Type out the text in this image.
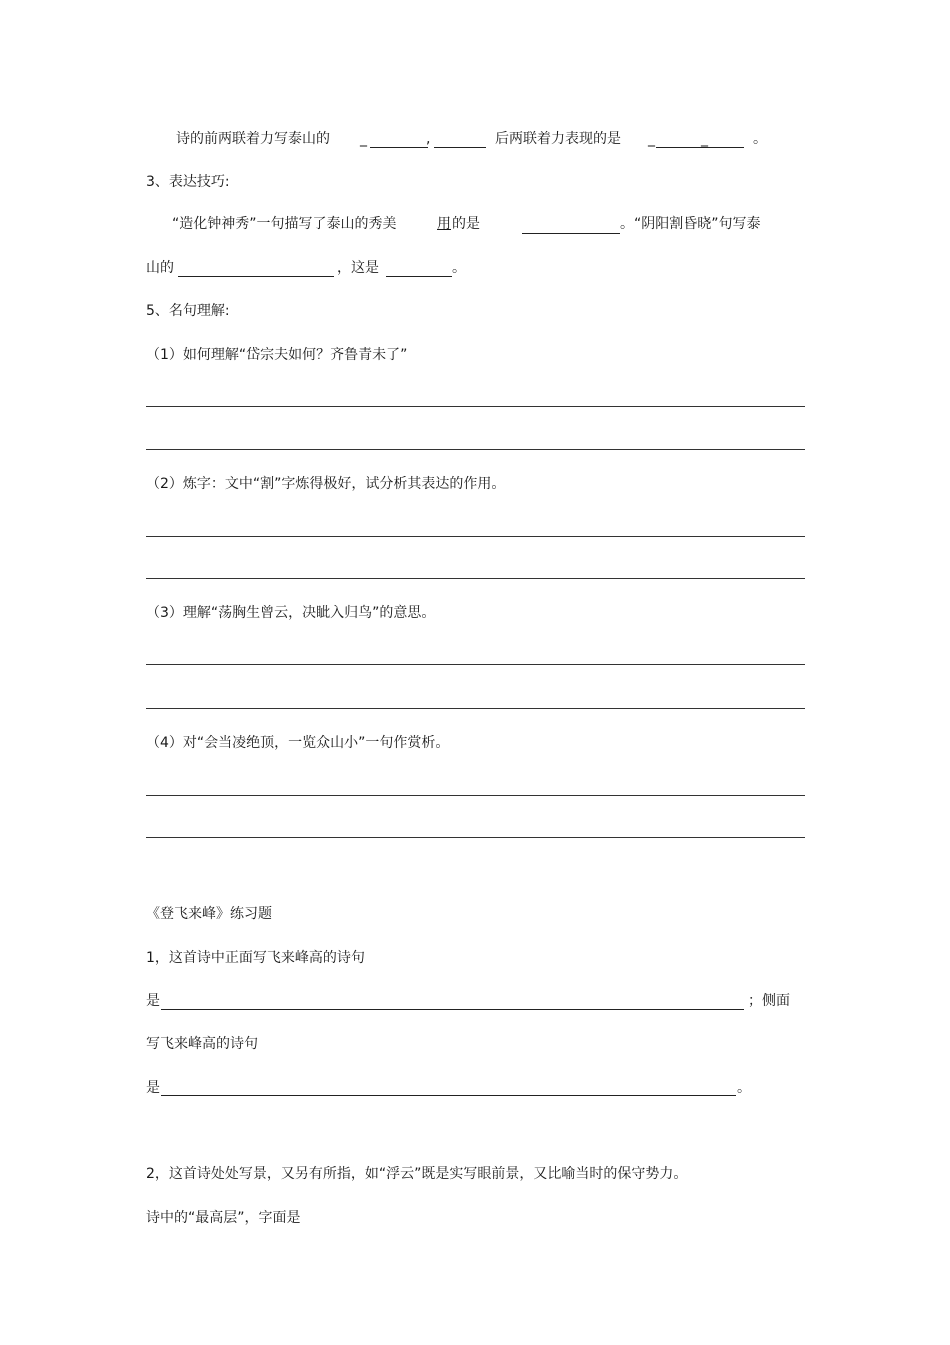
诗的前两联着力写泰山的 _	,	后两联着力表现的是 _	_	。
3、表达技巧:
“造化钟神秀”一句描写了泰山的秀美	用 的是	。“阴阳割昏晓”句写泰
山的	，这是	。
5、名句理解:
（1）如何理解“岱宗夫如何？齐鲁青未了”
（2）炼字：文中“割”字炼得极好，试分析其表达的作用。
（3）理解“荡胸生曾云，决眦入归鸟”的意思。
（4）对“会当凌绝顶，一览众山小”一句作赏析。
《登飞来峰》练习题
1，这首诗中正面写飞来峰高的诗句
是	；侧面
写飞来峰高的诗句
是	。
2，这首诗处处写景，又另有所指，如“浮云”既是实写眼前景，又比喻当时的保守势力。
诗中的“最高层”，字面是
